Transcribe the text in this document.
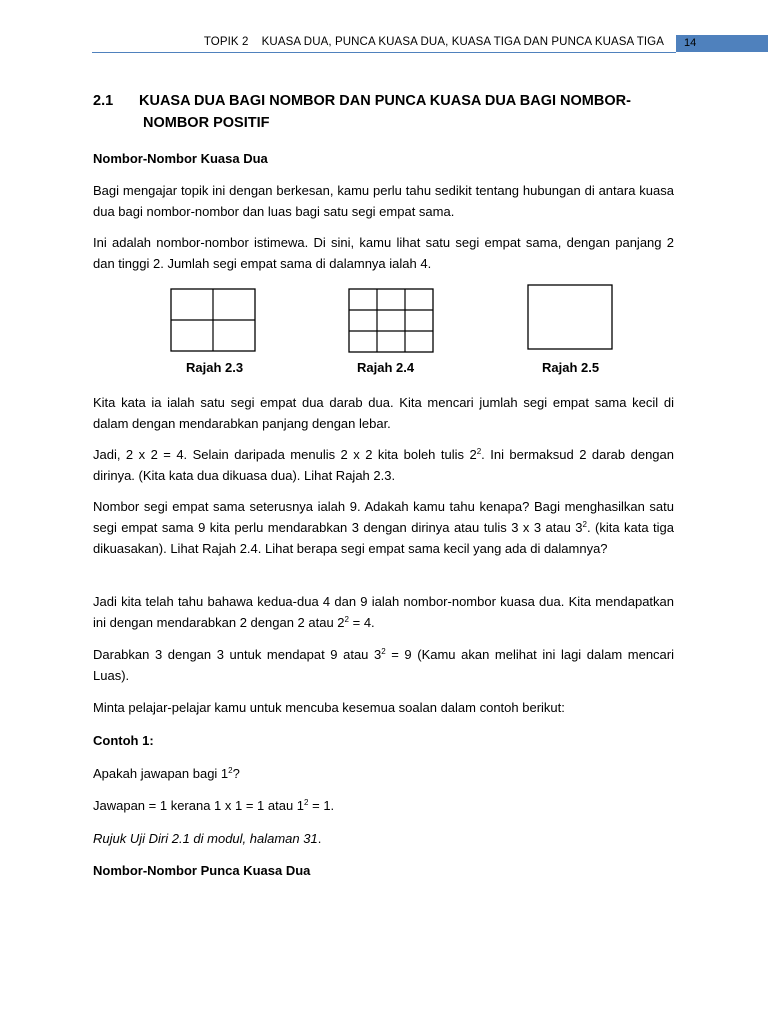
TOPIK 2    KUASA DUA, PUNCA KUASA DUA, KUASA TIGA DAN PUNCA KUASA TIGA	14
2.1 KUASA DUA BAGI NOMBOR DAN PUNCA KUASA DUA BAGI NOMBOR-
NOMBOR POSITIF
Nombor-Nombor Kuasa Dua
Bagi mengajar topik ini dengan berkesan, kamu perlu tahu sedikit tentang hubungan di antara kuasa dua bagi nombor-nombor dan luas bagi satu segi empat sama.
Ini adalah nombor-nombor istimewa. Di sini, kamu lihat satu segi empat sama, dengan panjang 2 dan tinggi 2. Jumlah segi empat sama di dalamnya ialah 4.
Rajah 2.3	Rajah 2.4	Rajah 2.5
Kita kata ia ialah satu segi empat dua darab dua. Kita mencari jumlah segi empat sama kecil di dalam dengan mendarabkan panjang dengan lebar.
Jadi, 2 x 2 = 4. Selain daripada menulis 2 x 2 kita boleh tulis $2^2$. Ini bermaksud 2 darab dengan dirinya. (Kita kata dua dikuasa dua). Lihat Rajah 2.3.
Nombor segi empat sama seterusnya ialah 9. Adakah kamu tahu kenapa? Bagi menghasilkan satu segi empat sama 9 kita perlu mendarabkan 3 dengan dirinya atau tulis 3 x 3 atau $3^2$. (kita kata tiga dikuasakan). Lihat Rajah 2.4. Lihat berapa segi empat sama kecil yang ada di dalamnya?
Jadi kita telah tahu bahawa kedua-dua 4 dan 9 ialah nombor-nombor kuasa dua. Kita mendapatkan ini dengan mendarabkan 2 dengan 2 atau $2^2 = 4$.
Darabkan 3 dengan 3 untuk mendapat 9 atau $3^2 = 9$ (Kamu akan melihat ini lagi dalam mencari Luas).
Minta pelajar-pelajar kamu untuk mencuba kesemua soalan dalam contoh berikut:
Contoh 1:
Apakah jawapan bagi $1^2$?
Jawapan = 1 kerana 1 x 1 = 1 atau $1^2 = 1$.
Rujuk Uji Diri 2.1 di modul, halaman 31.
Nombor-Nombor Punca Kuasa Dua
